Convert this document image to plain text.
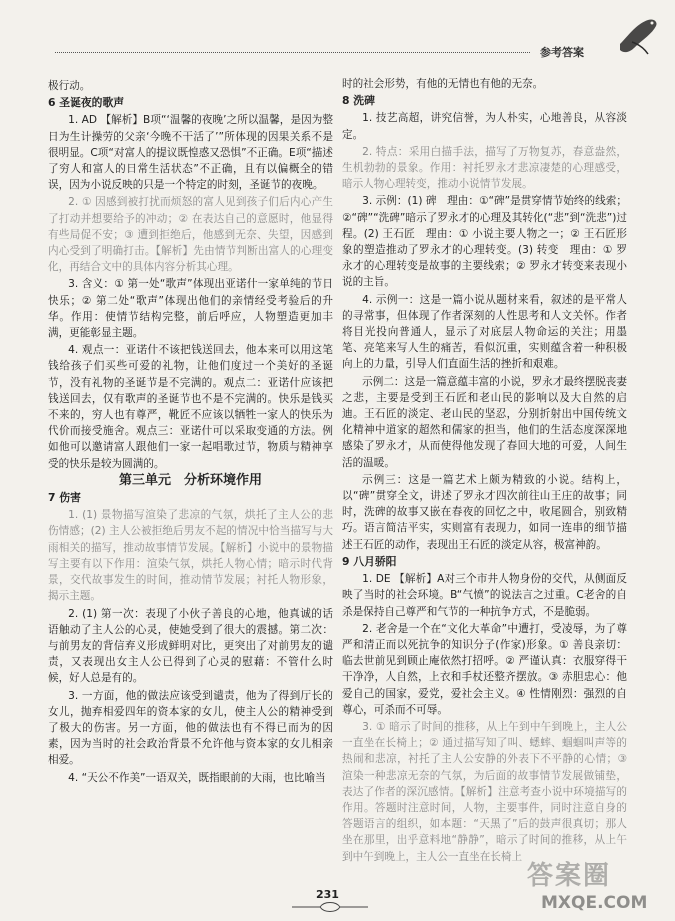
参考答案

极行动。

6 圣诞夜的歌声

1. AD 【解析】B项“‘温馨的夜晚’之所以温馨，是因为整日为生计操劳的父亲‘今晚不干活了’”所体现的因果关系不是很明显。C项“对富人的提议既惶惑又恐惧”不正确。E项“描述了穷人和富人的日常生活状态”不正确，且有以偏概全的错误，因为小说反映的只是一个特定的时刻，圣诞节的夜晚。

2. ① 因感到被打扰而烦怒的富人见到孩子们后内心产生了打动并想要给予的冲动；② 在表达自己的意愿时，他显得有些局促不安；③ 遭到拒绝后，他感到无奈、失望，因感到内心受到了明确打击。【解析】先由情节判断出富人的心理变化，再结合文中的具体内容分析其心理。

3. 含义：① 第一处“歌声”体现出亚诺什一家单纯的节日快乐；② 第二处“歌声”体现出他们的亲情经受考验后的升华。作用：使情节结构完整，前后呼应，人物塑造更加丰满，更能彰显主题。

4. 观点一：亚诺什不该把钱送回去，他本来可以用这笔钱给孩子们买些可爱的礼物，让他们度过一个美好的圣诞节，没有礼物的圣诞节是不完满的。观点二：亚诺什应该把钱送回去，仅有歌声的圣诞节也不是不完满的。快乐是钱买不来的，穷人也有尊严，靴匠不应该以牺牲一家人的快乐为代价而接受施舍。观点三：亚诺什可以采取变通的方法。例如他可以邀请富人跟他们一家一起唱歌过节，物质与精神享受的快乐是较为圆满的。

第三单元　分析环境作用

7 伤害

1. (1) 景物描写渲染了悲凉的气氛，烘托了主人公的悲伤情感；(2) 主人公被拒绝后男友不起的情况中恰当描写与大雨相关的描写，推动故事情节发展。【解析】小说中的景物描写主要有以下作用：渲染气氛，烘托人物心情；暗示时代背景，交代故事发生的时间，推动情节发展；衬托人物形象，揭示主题。

2. (1) 第一次：表现了小伙子善良的心地，他真诚的话语触动了主人公的心灵，使她受到了很大的震撼。第二次：与前男友的背信弃义形成鲜明对比，更突出了对前男友的谴责，又表现出女主人公已得到了心灵的慰藉：不管什么时候，好人总是有的。

3. 一方面，他的做法应该受到谴责，他为了得到厅长的女儿，抛弃相爱四年的资本家的女儿，使主人公的精神受到了极大的伤害。另一方面，他的做法也有不得已而为的因素，因为当时的社会政治背景不允许他与资本家的女儿相亲相爱。

4. “天公不作美”一语双关，既指眼前的大雨，也比喻当

时的社会形势，有他的无情也有他的无奈。

8 洗碑

1. 技艺高超，讲究信誉，为人朴实，心地善良，从容淡定。

2. 特点：采用白描手法，描写了万物复苏，春意盎然，生机勃勃的景象。作用：衬托罗永才悲凉凄楚的心理感受，暗示人物心理转变，推动小说情节发展。

3. 示例：(1) 碑　理由：①“碑”是贯穿情节始终的线索；②“碑”“洗碑”暗示了罗永才的心理及其转化(“悲”到“洗悲”)过程。(2) 王石匠　理由：① 小说主要人物之一；② 王石匠形象的塑造推动了罗永才的心理转变。(3) 转变　理由：① 罗永才的心理转变是故事的主要线索；② 罗永才转变来表现小说的主旨。

4. 示例一：这是一篇小说从题材来看，叙述的是平常人的寻常事，但体现了作者深刻的人性思考和人文关怀。作者将目光投向普通人，显示了对底层人物命运的关注；用墨笔、亮笔来写人生的痛苦，看似沉重，实则蕴含着一种积极向上的力量，引导人们直面生活的挫折和艰难。

示例二：这是一篇意蕴丰富的小说，罗永才最终摆脱丧妻之悲，主要是受到王石匠和老山民的影响以及大自然的启迪。王石匠的淡定、老山民的坚忍，分别折射出中国传统文化精神中道家的超然和儒家的担当，他们的生活态度深深地感染了罗永才，从而使得他发现了春回大地的可爱，人间生活的温暖。

示例三：这是一篇艺术上颇为精致的小说。结构上，以“碑”贯穿全文，讲述了罗永才四次前往山王庄的故事；同时，洗碑的故事又嵌在春夜的回忆之中，收尾圆合，别致精巧。语言简洁平实，实则富有表现力，如同一连串的细节描述王石匠的动作，表现出王石匠的淡定从容，极富神韵。

9 八月骄阳

1. DE 【解析】A对三个市井人物身份的交代，从侧面反映了当时的社会环境。B“气愤”的说法言之过重。C老舍的自杀是保持自己尊严和气节的一种抗争方式，不是脆弱。

2. 老舍是一个在“文化大革命”中遭打，受凌辱，为了尊严和清正而以死抗争的知识分子(作家)形象。① 善良亲切：临去世前见到顾止庵依然打招呼。② 严谨认真：衣服穿得干干净净，人自然，上衣和手杖还整齐摆放。③ 赤胆忠心：他爱自己的国家，爱党，爱社会主义。④ 性情刚烈：强烈的自尊心，可杀而不可辱。

3. ① 暗示了时间的推移，从上午到中午到晚上，主人公一直坐在长椅上；② 通过描写知了叫、蟋蟀、蝈蝈叫声等的热闹和悲凉，衬托了主人公安静的外表下不平静的心情；③ 渲染一种悲凉无奈的气氛，为后面的故事情节发展做铺垫，表达了作者的深沉感情。【解析】注意考查小说中环境描写的作用。答题时注意时间，人物，主要事件，同时注意自身的答题语言的组织，如本题：“天黑了”后的鼓声很真切；那人坐在那里，出乎意料地“静静”，暗示了时间的推移，从上午到中午到晚上，主人公一直坐在长椅上

231
答案圈
MXQE.COM
